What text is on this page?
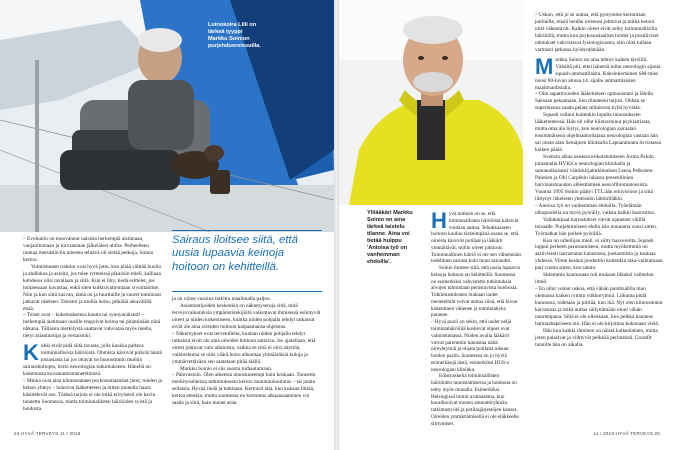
Luinokoira Lilli on tärkeä tyyppi Markku Soinion purjehdusreissuilla.

– Evoluutio on muovannut naisista herkempiä aistimaan, vanjaoitumaan ja turvaamaan jälkeläiset uhilta. Perheelleen ruokaa metsästäviin miesten tehtävä oli sietää pelkoja, Soinio kertoo.

Voimistuneet traktiot ovat hyvä juttu, kun pitää välttää huolia ja ahdinkoa ja asioita, jos tulee rytmeissä pikaisiin mieli, kalliaan kohdessa olisi tavallaan ja siitä. Kun ei liity, tiedä esittelet, jos hoitaessaan kuvastaa, enkä siten kulkisivattomiaan sivuiltamme. Niin ja kun siitä kasvan, tämä on ja tuurituille ja suuret toiminnat jatkavat mieleen. Talostot ja muilla hoito, pitkällä aikavälillä etsiä.

– Toiset ovat – kokemuksensa kautta tai synnynnäisesti – herkempiä aistimaan uusille reagoivat hoitoa tai pitäminään niitä uhkana. Tällaista merkitystä saattavat vahvistaa myös media, tietyt asiantuntijat ja vertaistuki.

K ukki eivät pidä siitä tavasta, jolla kaoisia paltava toiminnallisista häiriöistä. Ohmista kärsivät pitävät häntä tosiasiasta tai jos ottavat ne huonommin muihin sairaushoitojen, hoito neurologian tutkimukseen. Hänellä on kokemusta kuvantamismenetelmistä.

– Minua ovat aina kiinnostaneet psykosomaattiset jutut, mielen ja kehon yhteys – hoksivat lääketieteen ja miten monella haara käsittelevät sen. Tärkeä tarjota ei ole mikä erityisesti ole kavin tunnettu Suomessa, mutta toiminnallisten häiriöiden syistä ja hoidosta.

Sairaus iloitsee siitä, että uusia lupaavia keinoja hoitoon on kehitteillä.

ja on viime vuosina tutkittu maailmalla paljon.

Asiantuntijoiden keskenkin on näkemyseroja siitä, mitä terveysvaikutuksia ympäristötekijöitä vaikuttavat ihmisessä esiintyvät oireet ja niiden kokemiseen, kuinka niiden pohjalla tehdyt ratkaisut eivät ole aina oireiden hoitoon kaipaamansa ohjeistus.

– Näkemykset ovat tervetulleita, kunhan niiden pohjalla tehdyt ratkaisut eivät ole aina oireiden hoitoon auttavia. Jos ajatellaan, että oireet johtuvat vain aihtioista, vaikka se siitä ei olisi näyttöä, vaihtoehtona se olisi väärä hoito aiheuttaa ylimääräisiä kuluja ja ymmärrettävästi sen saatetaan pitää täällä.

Markku Soinio ei siis suostu turhautumaan.

– Päinvastoin. Olen aiheesta innostuneempi kuin koskaan. Tunnettu merkitysuhteista tutkimuksesta kertoo monitulokoulutus – tai jotain sellaista. Hyvää tiedä ja tutkitaan. Kertoisit tätä, kun kukaan liittää, kertoa etenkin, mutta suomessa on kertomus aikaansaaminen voi saada ja siitä, kuin monet asiat.

24 HYVÄ TERVEYS 11 / 2018
Ylilääkäri Markku Soinio on aina tärkeä taistelu tilanne. Aina voi tietää huippu 'Antoisa työ on vanhemman ehdoilla'.

H yvä uutinen on se, että toiminnallisten häiriöistä kärsivät voidaan auttaa. Tehokkaaseen hoitoon kuuluu tärkeimpänä osana se, että oireista kärsivät potilaat ja lääkärit ymmärtävät, mihin oireet johtuvat. Toiminnallinen häiriö ei ole sen vähemmän todellinen sairaus kuin muut sairaudet.

Soinio iloitsee siitä, että uusia lupaavia keinoja hoitoon on kehitteillä. Suomessa on esimerkiksi vahvistettu tutkimuksia aivojen toimintaan perustuvista hoidoista. Tutkimustulosten mukaan uudet menetelmät voivat auttaa siinä, että kivun kokeminen vähenee ja toimintakyky paranee.

– Hyvä puoli on sekin, että uudet neljä toimintahäiriöitä koskevat ohjeet ovat valmistumassa. Niiden avulla lääkärit voivat paremmin tunnistaa näitä oireyhtymiä ja ohjata potilaita oikean hoidon pariin. Suomessa on jo hyviä esimerkkejä tästä, esimerkiksi HUS:n neurologian klinikka.

Edistyaskelia toiminnallisten häiriöiden tunnistamisessa ja hoidossa on tehty myös muualla. Esimerkiksi Helsingissä toimii avainasema, kun koordinoivat monen ammattiryhmän tutkimustyötä ja potilasjärjestöjen kanssa. Oireiden ymmärtämisellä ei ole eläkkeelle siirtymiset.

– Uskon, että jo se auttaa, että pystymme kertomaan potilaille, mistä heidän oireensa johtuvat ja mitkä keinot niitä vähentävät. Kaikki oireet eivät selity toiminnallisilla häiriöillä, mutta kun psykososiaaliset hoidot ja positiiviset odotukset vahvistavat fysiologisuutta, niin niitä tullaan varmasti jatkossa hyödyntämään.

M arkku Soinio on aina tehnyt kaiken täysillä. Vähältä piti, ettei hänestä tullut neurologin sijasta squash-ammattilaista. Kaksinkertainen SM-mies nousi 80-luvun alussa 14. sijalle ammattilaisten maailmanlistalla.

– Olin sapattivuoden lääketieteen opinnoistani ja lähdin Saksaan pelaamaan, kun tilanteeni tarjosi. Ohhan se superhienoa saada pelata sellaisissa kyllä hyvästä.

Squash vaihtui kuitenkin lopulta innostukseen lääketieteessä. Hän oli ollut kiinnostunut psykiatriasta, mutta oma ala löytyi, kun neurologian sairaalan ensimmäisenä ohjelmanhoitajana neurologiaa vastaan hän sai oman alan Seinäjoen klinikalla Lapuanmuuta Ssvistassa kaiken päätä.

Sveitsin alkaa useassa erikoistumiseen Jorma Paloin johtamalla HYKS:n neurologian klinikalla ja samanaikaisesti väitöskirjatutkimukset Leena Pelkonen-Palotien ja Olli Carpénin lahassa presenilinien harvinaismuodon aiheuttamien neurofibromatoosista. Vuonna 1995 Soinio päätyi TTL:ään erkivisioon ja siitä liittynyt läheiseen yhteisöön lähtörilläkin.

– Antoisa työ on vanhemman ehdoilla. Työelämän ulkopuolella on myös pyöräily, vaikka kaikki kuormitus.

Vaihdokkaat harrastukset vievät ajatukset välillä toisaalle. Purjehtimiseen ehdin hän muutama vuosi sitten. Työmatkat hän polkee pyörällä.

Kun on urheilijan mieli, ei välty haavereilta. Squash loppui perheen perustamiseen, mutta myöhemmin on aktiivisesti harrastanut kalastusta, juoksemista ja kaatuaa yhdessä. Viime kesänä jouduttiin kuitenkin taka-vaihtamaan pari vuotta sitten, kun satuin.

Sittemmin kunnosaan tuli mukaan liikaksi vaihtelun ilmiö.

– En ollut voinut uskoa, että vähän punttisalilla mun olemassa kaiken rytmin viikkorytmiä. Liikunta pitää kunnossa, todetaan ja piirtää, kun ikä. Nyt olen kiinnostunut kaivatusta ja mikä auttaa säilyttämään oloni vähän nuorempana. Sillä ei ole ollenkaan, kun pelkkä kauneus harmaahapsiseen olo. Hän ei ole kirjoittaa kokonaan vielä.

Hän kun kaikki ihminen on näistä kaikenlainen, mutta joten palasivat ja viihtyvät pelkkää perinteistä. Crossfit tunnille hän on aikalla.

11 / 2018 HYVÄ TERVEYS 25
